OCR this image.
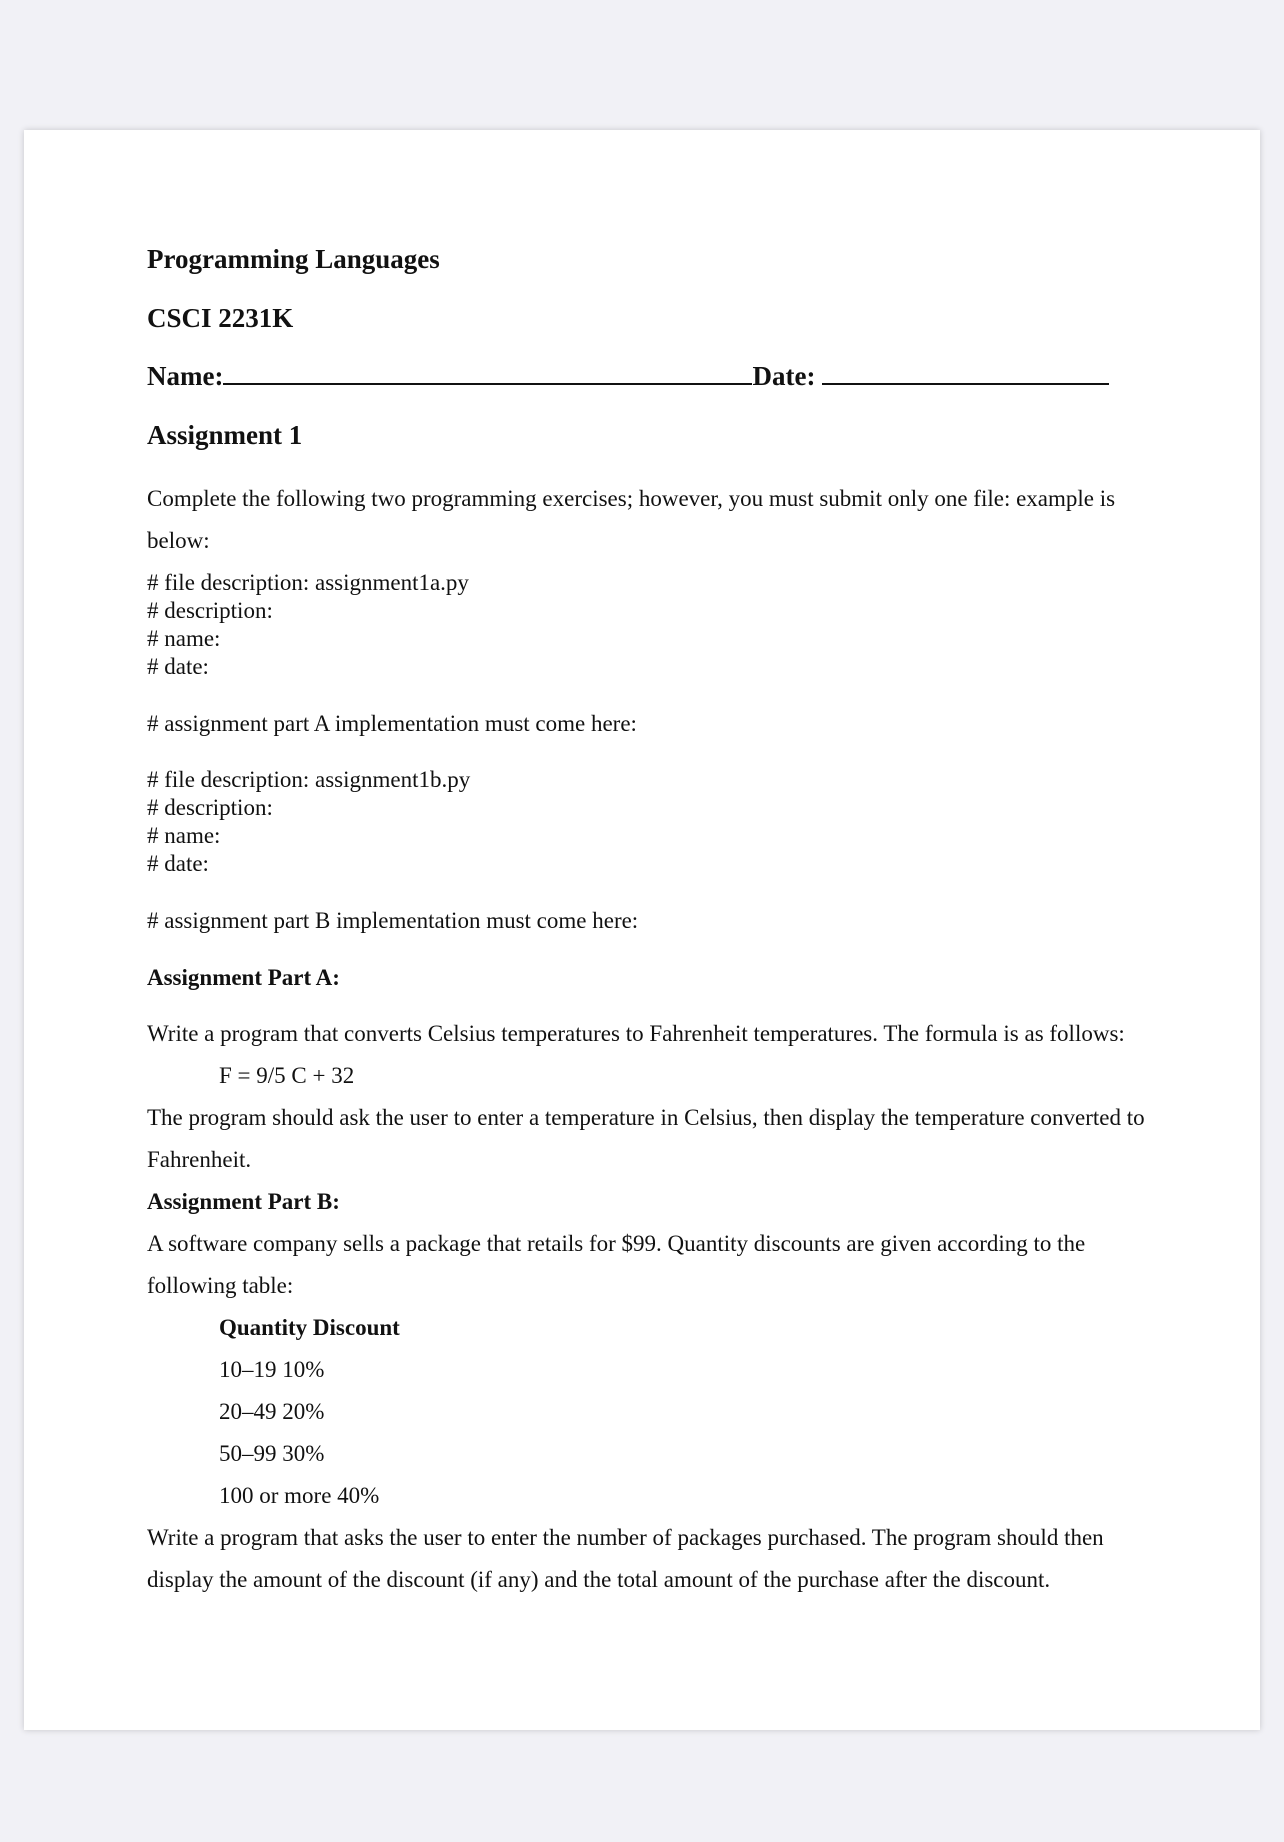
Programming Languages
CSCI 2231K
Name:	Date:
Assignment 1
Complete the following two programming exercises; however, you must submit only one file: example is
below:
# file description: assignment1a.py
# description:
# name:
# date:
# assignment part A implementation must come here:
# file description: assignment1b.py
# description:
# name:
# date:
# assignment part B implementation must come here:
Assignment Part A:
Write a program that converts Celsius temperatures to Fahrenheit temperatures. The formula is as follows:
F = 9/5 C + 32
The program should ask the user to enter a temperature in Celsius, then display the temperature converted to
Fahrenheit.
Assignment Part B:
A software company sells a package that retails for $99. Quantity discounts are given according to the
following table:
Quantity Discount
10–19 10%
20–49 20%
50–99 30%
100 or more 40%
Write a program that asks the user to enter the number of packages purchased. The program should then
display the amount of the discount (if any) and the total amount of the purchase after the discount.
